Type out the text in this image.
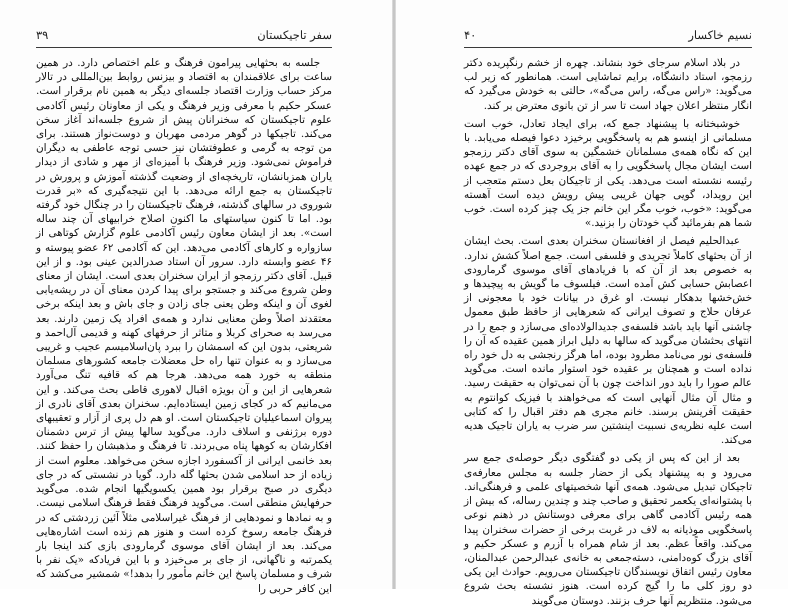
۳۹	سفر تاجیکستان

جلسه به بحثهایی پیرامون فرهنگ و علم اختصاص دارد. در همین ساعت برای علاقمندان به اقتصاد و بیزنس روابط بین‌المللی در تالار مرکز حساب وزارت اقتصاد جلسه‌ای دیگر به همین نام برقرار است. عسکر حکیم با معرفی وزیر فرهنگ و یکی از معاونان رئیس آکادمی علوم تاجیکستان که سخنرانان پیش از شروع جلسه‌اند آغاز سخن می‌کند. تاجیکها در گوهر مردمی مهربان و دوست‌نواز هستند. برای من توجه به گرمی و عطوفتشان نیز حسی توجه عاطفی به دیگران فراموش نمی‌شود. وزیر فرهنگ با آمیزه‌ای از مهر و شادی از دیدار یاران همزبانشان، تاریخچه‌ای از وضعیت گذشته آموزش و پرورش در تاجیکستان به جمع ارائه می‌دهد. با این نتیجه‌گیری که «بر قدرت شوروی در سالهای گذشته، فرهنگ تاجیکستان را در چنگال خود گرفته بود. اما تا کنون سیاستهای ما اکنون اصلاح خرابیهای آن چند ساله است». بعد از ایشان معاون رئیس آکادمی علوم گزارش کوتاهی از سازواره و کارهای آکادمی می‌دهد. این که آکادمی ۶۲ عضو پیوسته و ۴۶ عضو وابسته دارد. سرور آن استاد صدرالدین عینی بود. و از این قبیل. آقای دکتر رزمجو از ایران سخنران بعدی است. ایشان از معنای وطن شروع می‌کند و جستجو برای پیدا کردن معنای آن در ریشه‌یابی لغوی آن و اینکه وطن یعنی جای زادن و جای باش و بعد اینکه برخی معتقدند اصلاً وطن معنایی ندارد و همه‌ی افراد یک زمین دارند. بعد می‌رسد به صحرای کربلا و متاثر از حرفهای کهنه و قدیمی آل‌احمد و شریعتی، بدون این که اسمشان را ببرد پان‌اسلامیسم عجیب و غریبی می‌سازد و به عنوان تنها راه حل معضلات جامعه کشورهای مسلمان منطقه به خورد همه می‌دهد. هرجا هم که قافیه تنگ می‌آورد شعرهایی از این و آن بویژه اقبال لاهوری قاطی بحث می‌کند. و این می‌مانیم که در کجای زمین ایستاده‌ایم. سخنران بعدی آقای نادری از پیروان اسماعیلیان تاجیکستان است. او هم دل پری از آزار و تعقیبهای دوره برژنفی و اسلاف دارد. می‌گوید سالها پیش از ترس دشمنان افکارشان به کوهها پناه می‌بردند. تا فرهنگ و مذهبشان را حفظ کنند. بعد خانمی ایرانی از آکسفورد اجازه سخن می‌خواهد. معلوم است از زیاده از حد اسلامی شدن بحثها گله دارد. گویا در نشستی که در جای دیگری در صبح برقرار بود همین یکسویگیها انجام شده. می‌گوید حرفهایش منطقی است. می‌گوید فرهنگ فقط فرهنگ اسلامی نیست. و به نمادها و نمودهایی از فرهنگ غیراسلامی مثلاً آئین زردشتی که در فرهنگ جامعه رسوخ کرده است و هنوز هم زنده است اشاره‌هایی می‌کند. بعد از ایشان آقای موسوی گرمارودی بازی کند اینجا بار یکمرتبه و ناگهانی، از جای بر می‌خیزد و با این فریادکه «یک نفر با شرف و مسلمان پاسخ این خانم مأمور را بدهد!» شمشیر می‌کشد که این کافر حربی را

۴۰	نسیم خاکسار

در بلاد اسلام سرجای خود بنشاند. چهره از خشم رنگپریده دکتر رزمجو، استاد دانشگاه، برایم تماشایی است. همانطور که زیر لب می‌گوید: «راس می‌گه، راس می‌گه»، حالتی به خودش می‌گیرد که انگار منتظر اعلان جهاد است تا سر از تن بانوی معترض بر کند.

خوشبختانه با پیشنهاد جمع که، برای ایجاد تعادل، خوب است مسلمانی از اینسو هم به پاسخگویی برخیزد دعوا فیصله می‌یابد. با این که نگاه همه‌ی مسلمانان خشمگین به سوی آقای دکتر رزمجو است ایشان مجال پاسخگویی را به آقای بروجردی که در جمع عهده رئیسه نشسته است می‌دهد. یکی از تاجیکان بعل دستم متعجب از این رویداد، گویی جهان غریبی پیش رویش دیده است آهسته می‌گوید: «خوب، خوب مگر این خانم جز یک چیز کرده است. خوب شما هم بفرمائید گپ خودتان را بزنید.»

عبدالحلیم فیصل از افغانستان سخنران بعدی است. بحث ایشان از آن بحثهای کاملاً تجریدی و فلسفی است. جمع اصلاً کشش ندارد. به خصوص بعد از آن که با فریادهای آقای موسوی گرمارودی اعصابش حسابی کش آمده است. فیلسوف ما گویش به پیچیدها و خش‌خشها بدهکار نیست. او غرق در بیانات خود با معجونی از عرفان حلاج و تصوف ایرانی که شعرهایی از حافظ طبق معمول چاشنی آنها باید باشد فلسفه‌ی جدیدالولاده‌ای می‌سازد و جمع را در انتهای بحثشان می‌گوید که سالها به دلیل ابراز همین عقیده که آن را فلسفه‌ی نور می‌نامد مطرود بوده، اما هرگز رنجشی به دل خود راه نداده است و همچنان بر عقیده خود استوار مانده است. می‌گوید عالم صورا را باید دور انداخت چون با آن نمی‌توان به حقیقت رسید. و مثال آن مثال آنهایی است که می‌خواهند با فیزیک کوانتوم به حقیقت آفرینش برسند. خانم مجری هم دفتر اقبال را که کتابی است علیه نظریه‌ی نسبیت اینشتین سر ضرب به یاران تاجیک هدیه می‌کند.

بعد از این که پس از یکی دو گفتگوی دیگر حوصله‌ی جمع سر می‌رود و به پیشنهاد یکی از حضار جلسه به مجلس معارفه‌ی تاجیکان تبدیل می‌شود. همه‌ی آنها شخصیتهای علمی و فرهنگی‌اند. با پشتوانه‌ای یکعمر تحقیق و صاحب چند و چندین رساله، که بیش از همه رئیس آکادمی گاهی برای معرفی دوستانش در ذهنم نوعی پاسخگویی موذیانه به لاف در غربت برخی از حضرات سخنران پیدا می‌کند. واقعاً عظم. بعد از شام همراه با آزرم و عسکر حکیم و آقای بزرگ کوه‌دامنی، دسته‌جمعی به خانه‌ی عبدالرحمن عبدالمنان، معاون رئیس اتفاق نویسندگان تاجیکستان می‌رویم. حوادث این یکی دو روز کلی ما را گیج کرده است. هنوز نشسته بحث شروع می‌شود. منتظریم آنها حرف بزنند. دوستان می‌گویند
